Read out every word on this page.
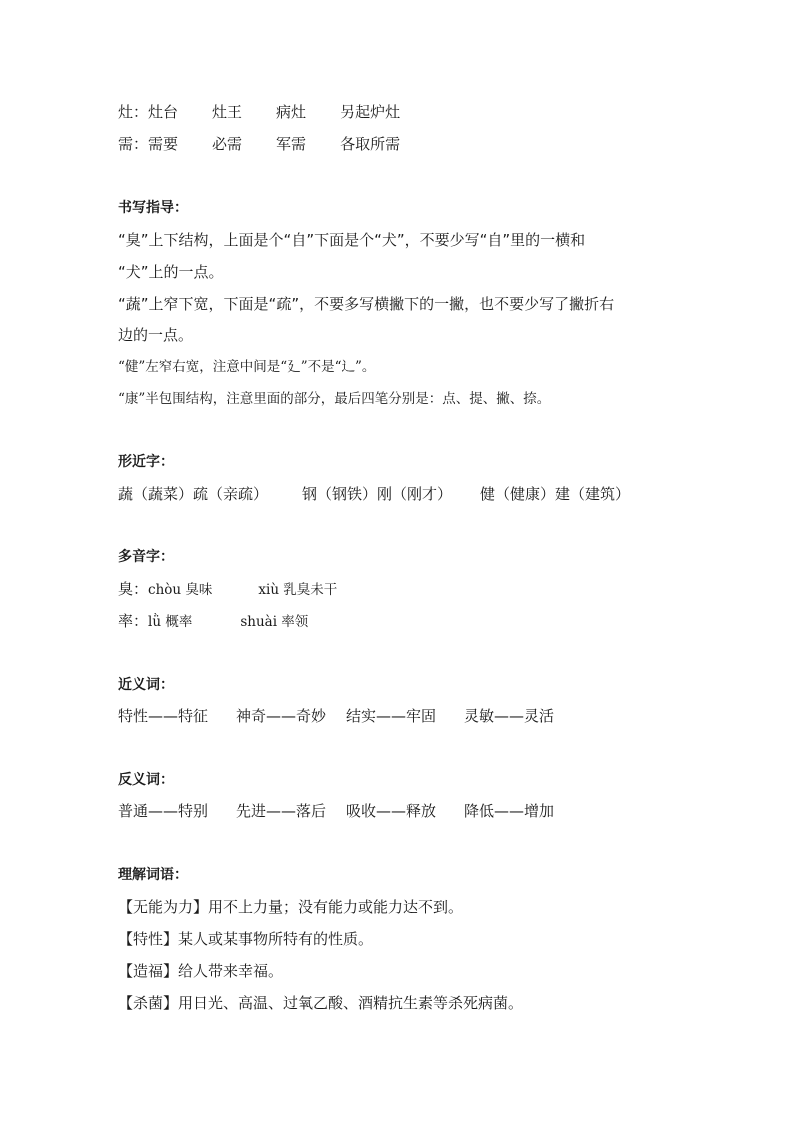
灶：灶台 灶王 病灶 另起炉灶
需：需要 必需 军需 各取所需
书写指导：
“臭”上下结构，上面是个“自”下面是个“犬”，不要少写“自”里的一横和
“犬”上的一点。
“蔬”上窄下宽，下面是“疏”，不要多写横撇下的一撇，也不要少写了撇折右
边的一点。
“健”左窄右宽，注意中间是“廴”不是“辶”。
“康”半包围结构，注意里面的部分，最后四笔分别是：点、提、撇、捺。
形近字：
蔬（蔬菜）疏（亲疏） 钢（钢铁）刚（刚才） 健（健康）建（建筑）
多音字：
臭：chòu 臭味	xiù 乳臭未干
率：lǜ 概率	shuài 率领
近义词：
特性——特征 神奇——奇妙 结实——牢固 灵敏——灵活
反义词：
普通——特别 先进——落后 吸收——释放 降低——增加
理解词语：
【无能为力】用不上力量；没有能力或能力达不到。
【特性】某人或某事物所特有的性质。
【造福】给人带来幸福。
【杀菌】用日光、高温、过氧乙酸、酒精抗生素等杀死病菌。
